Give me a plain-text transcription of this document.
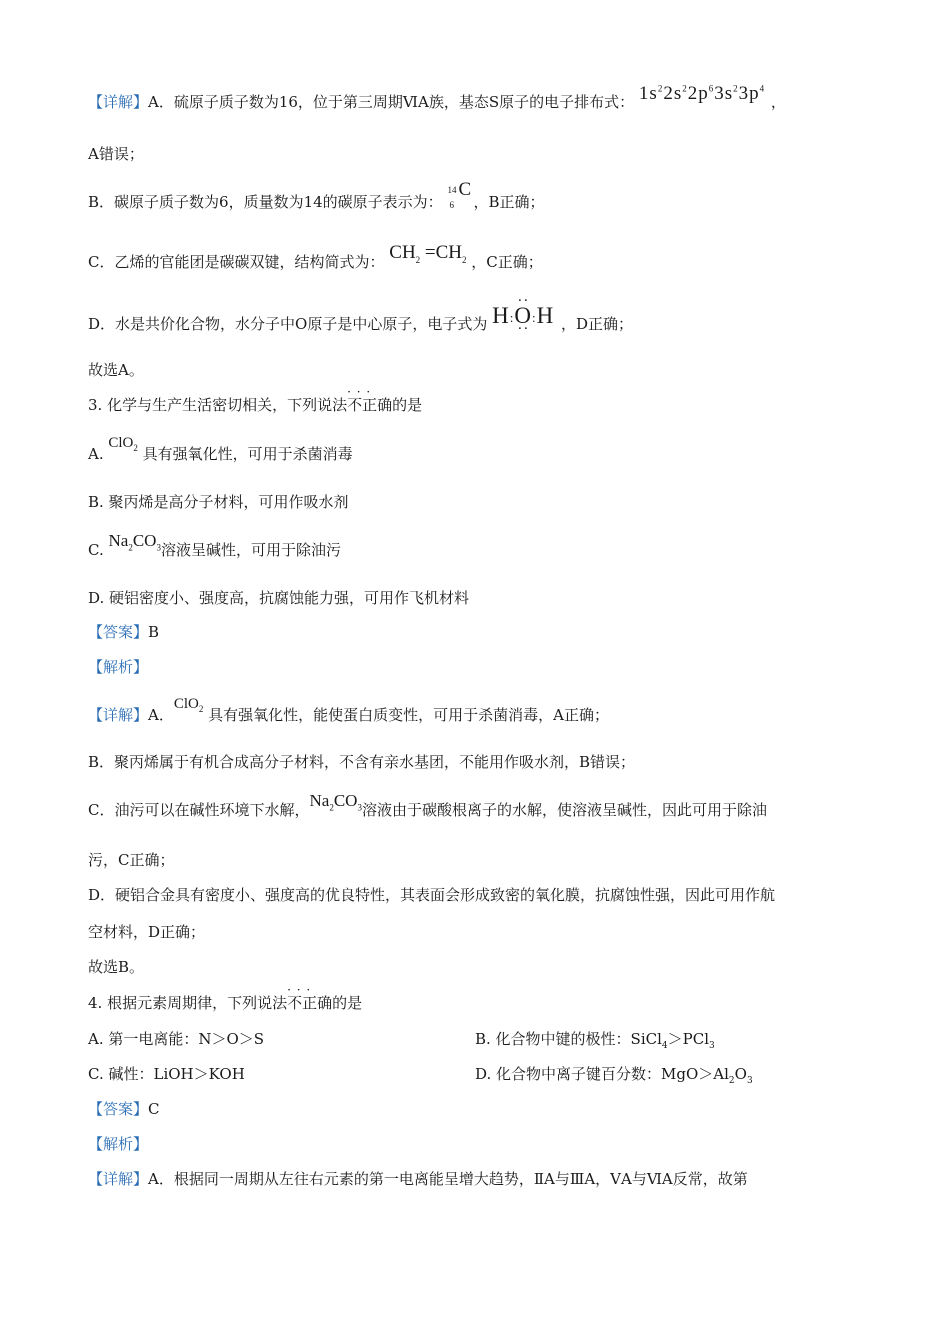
【详解】A．硫原子质子数为16，位于第三周期ⅥA族，基态S原子的电子排布式： $1s^22s^22p^63s^23p^4$ ，
A错误；
B．碳原子质子数为6，质量数为14的碳原子表示为：
14
6
C
，B正确；
C．乙烯的官能团是碳碳双键，结构简式为： $CH_2 =CH_2$ ，C正确；
D．水是共价化合物，水分子中O原子是中心原子，电子式为 H:·· O ··:H ，D正确；
故选A。
3. 化学与生产生活密切相关，下列说法· · · 不正确的是
A. ClO$_2$ 具有强氧化性，可用于杀菌消毒
B. 聚丙烯是高分子材料，可用作吸水剂
C. $Na_2CO_3$溶液呈碱性，可用于除油污
D. 硬铝密度小、强度高，抗腐蚀能力强，可用作飞机材料
【答案】B
【解析】
【详解】A．ClO$_2$ 具有强氧化性，能使蛋白质变性，可用于杀菌消毒，A正确；
B．聚丙烯属于有机合成高分子材料，不含有亲水基团，不能用作吸水剂，B错误；
C．油污可以在碱性环境下水解，$Na_2CO_3$溶液由于碳酸根离子的水解，使溶液呈碱性，因此可用于除油
污，C正确；
D．硬铝合金具有密度小、强度高的优良特性，其表面会形成致密的氧化膜，抗腐蚀性强，因此可用作航
空材料，D正确；
故选B。
4. 根据元素周期律，下列说法· · · 不正确的是
A. 第一电离能：N＞O＞S	B. 化合物中键的极性：SiCl$_4$＞PCl$_3$
C. 碱性：LiOH＞KOH	D. 化合物中离子键百分数：$MgO>Al_2O_3$
【答案】C
【解析】
【详解】A．根据同一周期从左往右元素的第一电离能呈增大趋势，ⅡA与ⅢA，ⅤA与ⅥA反常，故第
